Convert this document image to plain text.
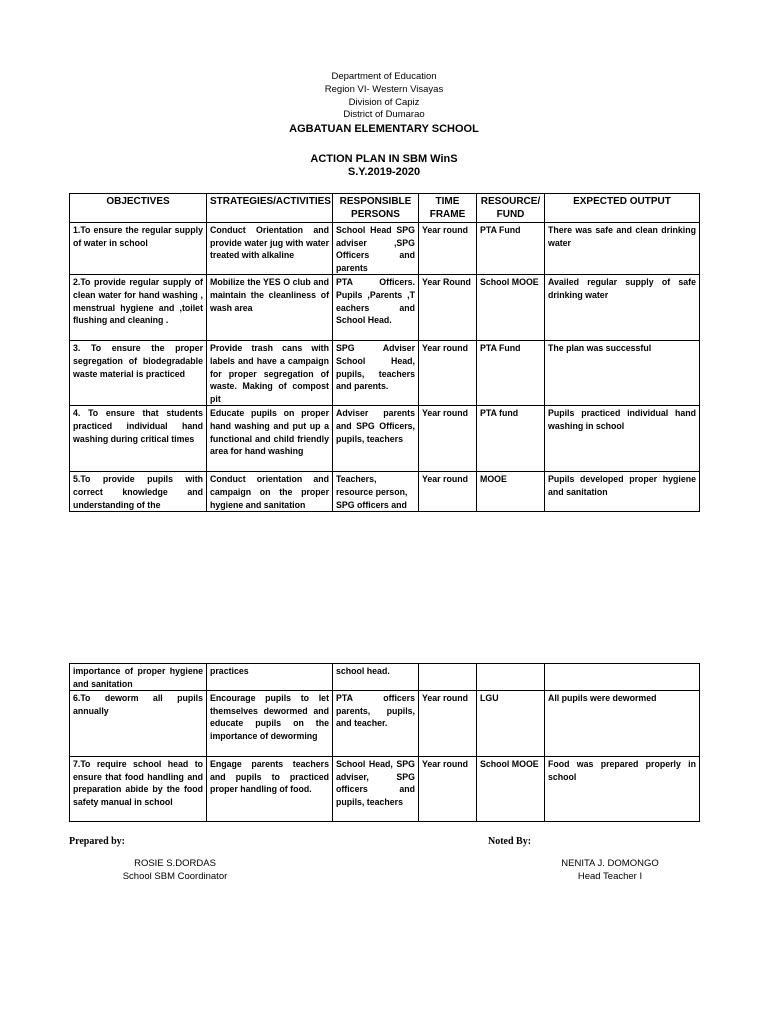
Department of Education
Region VI- Western Visayas
Division of Capiz
District of Dumarao
AGBATUAN ELEMENTARY SCHOOL
ACTION PLAN IN SBM WinS
S.Y.2019-2020
OBJECTIVES	STRATEGIES/ACTIVITIES	RESPONSIBLE PERSONS	TIME FRAME	RESOURCE/ FUND	EXPECTED OUTPUT
1.To ensure the regular supply of water in school	Conduct Orientation and provide water jug with water treated with alkaline	School Head SPG adviser ,SPG Officers and parents	Year round	PTA Fund	There was safe and clean drinking water
2.To provide regular supply of clean water for hand washing , menstrual hygiene and ,toilet flushing and cleaning .	Mobilize the YES O club and maintain the cleanliness of wash area	PTA Officers. Pupils ,Parents ,T eachers and School Head.	Year Round	School MOOE	Availed regular supply of safe drinking water
3. To ensure the proper segregation of biodegradable waste material is practiced	Provide trash cans with labels and have a campaign for proper segregation of waste. Making of compost pit	SPG Adviser School Head, pupils, teachers and parents.	Year round	PTA Fund	The plan was successful
4. To ensure that students practiced individual hand washing during critical times	Educate pupils on proper hand washing and put up a functional and child friendly area for hand washing	Adviser parents and SPG Officers, pupils, teachers	Year round	PTA fund	Pupils practiced individual hand washing in school
5.To provide pupils with correct knowledge and understanding of the	Conduct orientation and campaign on the proper hygiene and sanitation	Teachers, resource person, SPG officers and	Year round	MOOE	Pupils developed proper hygiene and sanitation
importance of proper hygiene and sanitation	practices	school head.			
6.To deworm all pupils annually	Encourage pupils to let themselves dewormed and educate pupils on the importance of deworming	PTA officers parents, pupils, and teacher.	Year round	LGU	All pupils were dewormed
7.To require school head to ensure that food handling and preparation abide by the food safety manual in school	Engage parents teachers and pupils to practiced proper handling of food.	School Head, SPG adviser, SPG officers and pupils, teachers	Year round	School MOOE	Food was prepared properly in school
Prepared by:	Noted By:
ROSIE S.DORDAS
School SBM Coordinator
NENITA J. DOMONGO
Head Teacher I
